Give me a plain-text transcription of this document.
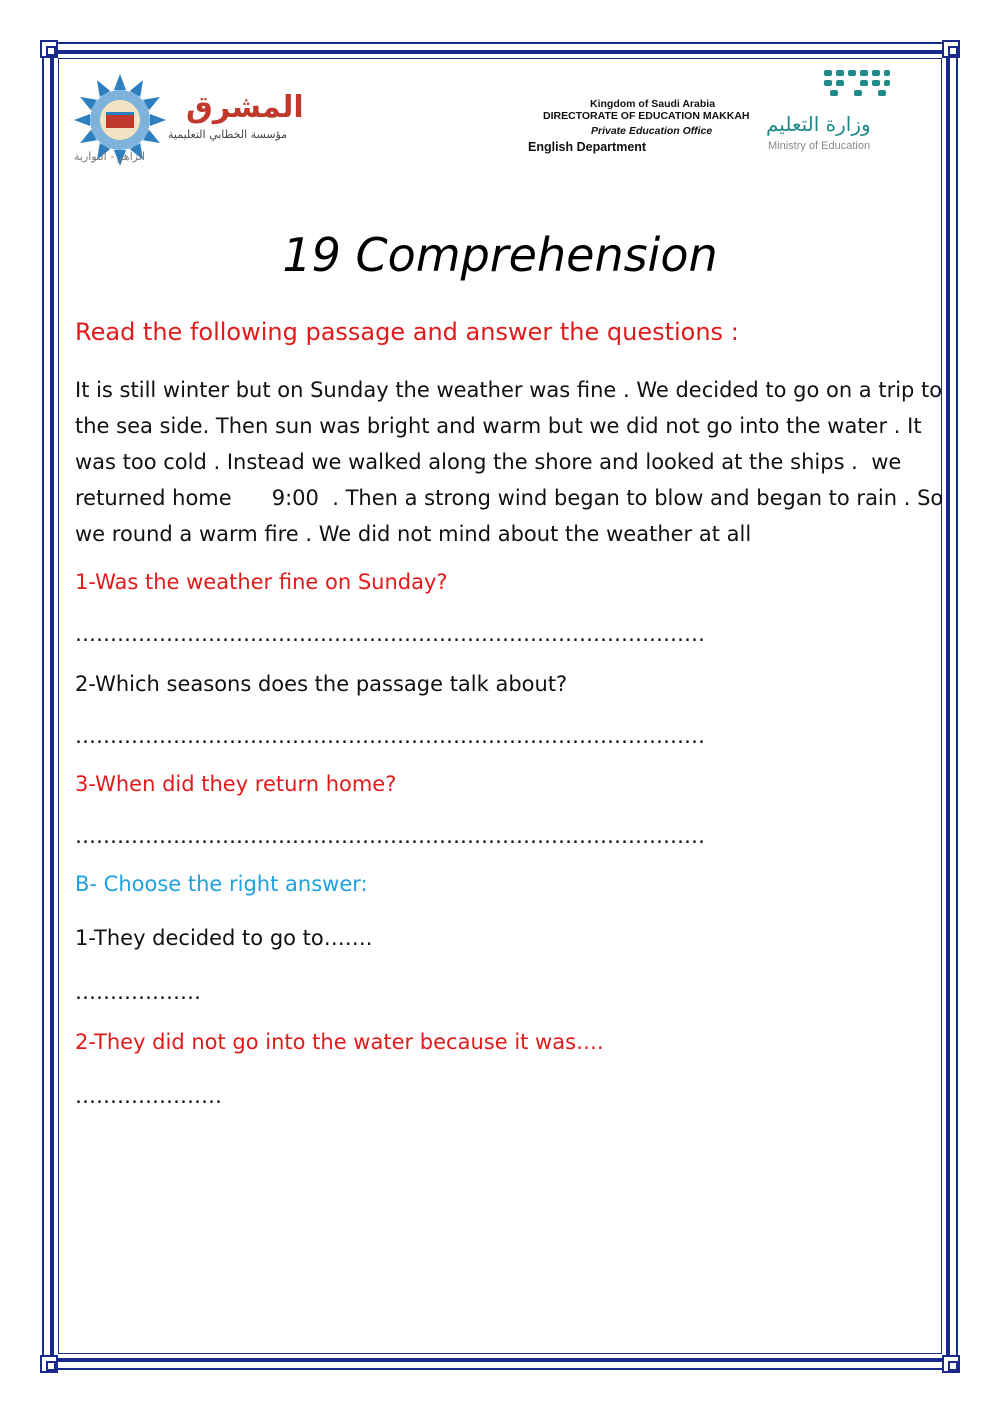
المشرق
مؤسسة الخطابي التعليمية
الزاهر - النوارية
Kingdom of Saudi Arabia
DIRECTORATE OF EDUCATION MAKKAH
Private Education Office
English Department
وزارة التعليم
Ministry of Education
19 Comprehension
Read the following passage and answer the questions :
It is still winter but on Sunday the weather was fine . We decided to go on a trip to
the sea side. Then sun was bright and warm but we did not go into the water . It
was too cold . Instead we walked along the shore and looked at the ships .  we
returned home      9:00  . Then a strong wind began to blow and began to rain . So
we round a warm fire . We did not mind about the weather at all
1-Was the weather fine on Sunday?
………………………………………………………………………………
2-Which seasons does the passage talk about?
………………………………………………………………………………
3-When did they return home?
………………………………………………………………………………
B- Choose the right answer:
1-They decided to go to…….
………………
2-They did not go into the water because it was….
…………………
